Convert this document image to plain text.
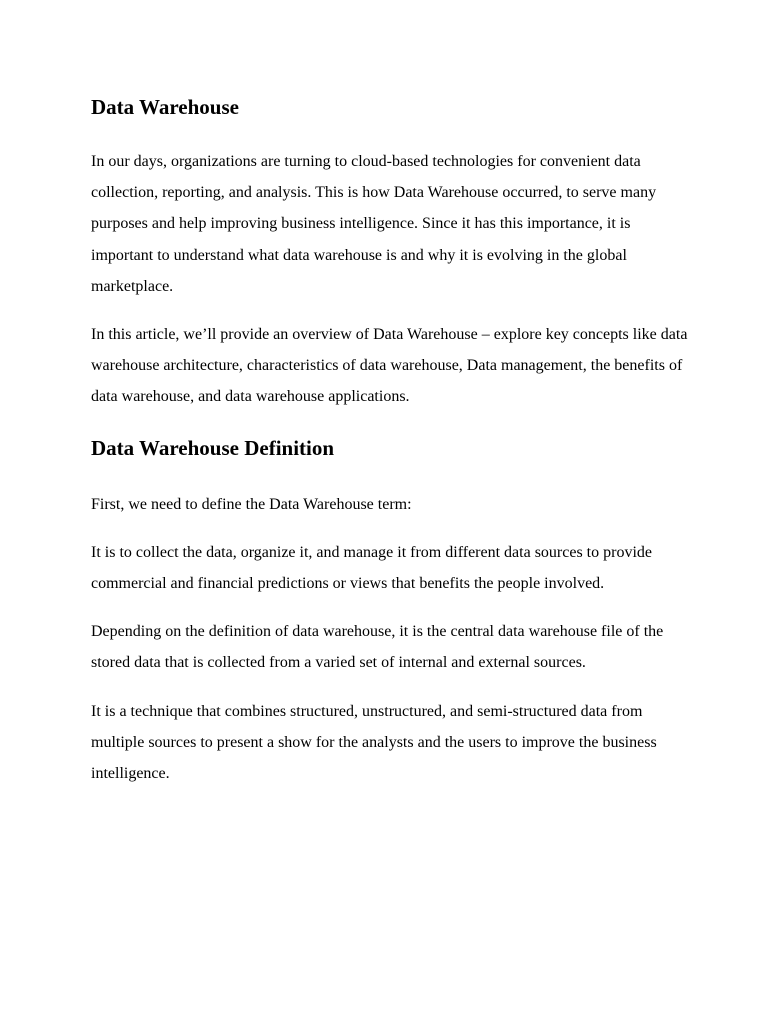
Data Warehouse

In our days, organizations are turning to cloud-based technologies for convenient data collection, reporting, and analysis. This is how Data Warehouse occurred, to serve many purposes and help improving business intelligence. Since it has this importance, it is important to understand what data warehouse is and why it is evolving in the global marketplace.

In this article, we’ll provide an overview of Data Warehouse – explore key concepts like data warehouse architecture, characteristics of data warehouse, Data management, the benefits of data warehouse, and data warehouse applications.

Data Warehouse Definition

First, we need to define the Data Warehouse term:

It is to collect the data, organize it, and manage it from different data sources to provide commercial and financial predictions or views that benefits the people involved.

Depending on the definition of data warehouse, it is the central data warehouse file of the stored data that is collected from a varied set of internal and external sources.

It is a technique that combines structured, unstructured, and semi-structured data from multiple sources to present a show for the analysts and the users to improve the business intelligence.
